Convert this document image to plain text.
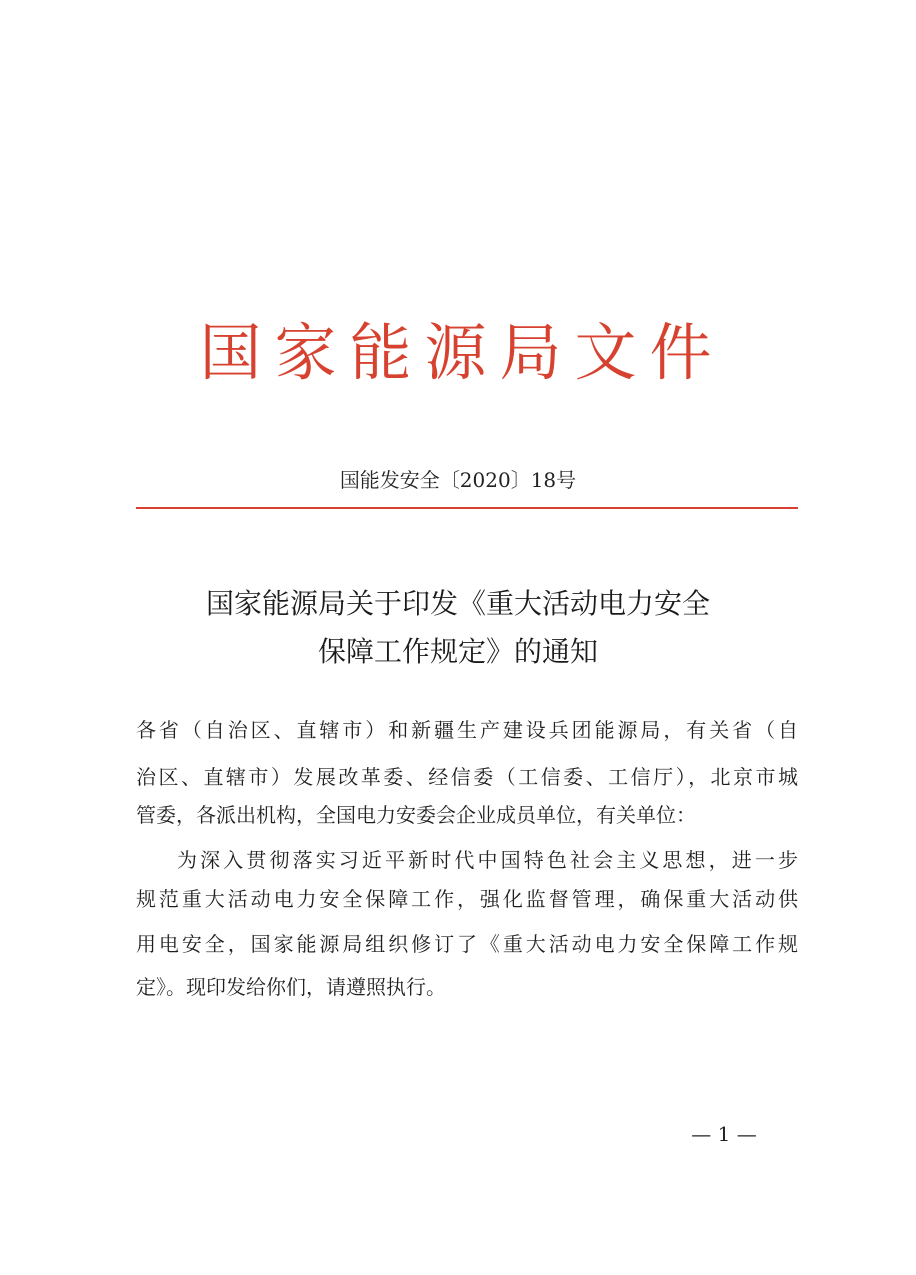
国家能源局文件
国能发安全〔2020〕18号
国家能源局关于印发《重大活动电力安全
保障工作规定》的通知
各省（自治区、直辖市）和新疆生产建设兵团能源局，有关省（自
治区、直辖市）发展改革委、经信委（工信委、工信厅），北京市城
管委，各派出机构，全国电力安委会企业成员单位，有关单位：
为深入贯彻落实习近平新时代中国特色社会主义思想，进一步
规范重大活动电力安全保障工作，强化监督管理，确保重大活动供
用电安全，国家能源局组织修订了《重大活动电力安全保障工作规
定》。现印发给你们，请遵照执行。
— 1 —
